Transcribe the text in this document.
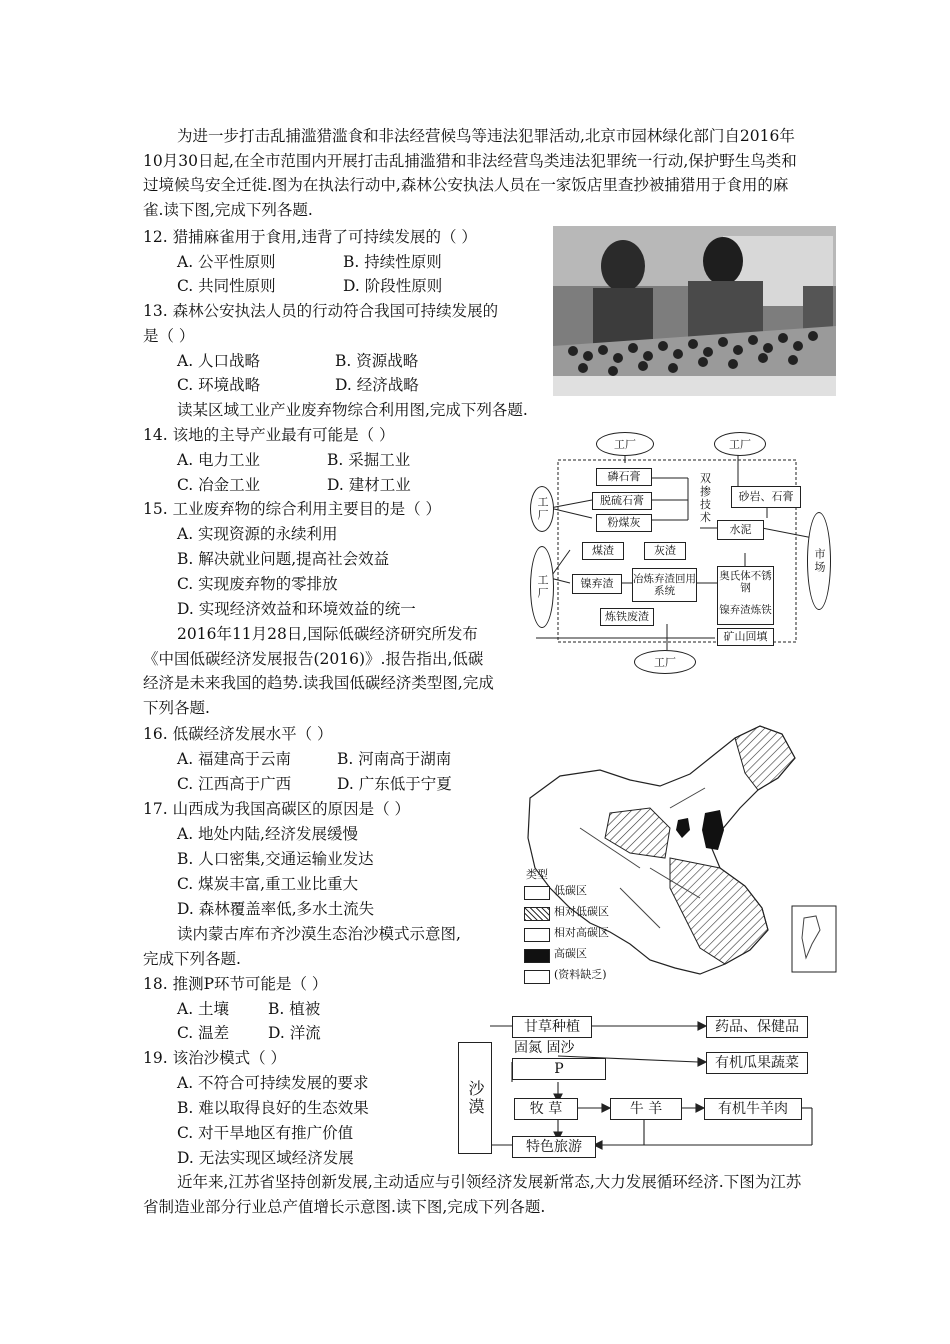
为进一步打击乱捕滥猎滥食和非法经营候鸟等违法犯罪活动,北京市园林绿化部门自2016年10月30日起,在全市范围内开展打击乱捕滥猎和非法经营鸟类违法犯罪统一行动,保护野生鸟类和过境候鸟安全迁徙.图为在执法行动中,森林公安执法人员在一家饭店里查抄被捕猎用于食用的麻雀.读下图,完成下列各题.
12. 猎捕麻雀用于食用,违背了可持续发展的（ ）
A. 公平性原则	B. 持续性原则
C. 共同性原则	D. 阶段性原则
13. 森林公安执法人员的行动符合我国可持续发展的
是（ ）
A. 人口战略	B. 资源战略
C. 环境战略	D. 经济战略
读某区域工业产业废弃物综合利用图,完成下列各题.
14. 该地的主导产业最有可能是（ ）
A. 电力工业	B. 采掘工业
C. 冶金工业	D. 建材工业
15. 工业废弃物的综合利用主要目的是（ ）
A. 实现资源的永续利用
B. 解决就业问题,提高社会效益
C. 实现废弃物的零排放
D. 实现经济效益和环境效益的统一
工厂	工厂
工厂
工厂
工厂
市场
磷石膏
脱硫石膏
粉煤灰
双掺技术
砂岩、石膏
水泥
煤渣	灰渣
镍弃渣	冶炼弃渣回用系统
奥氏体不锈钢
镍弃渣炼铁
炼铁废渣
矿山回填
2016年11月28日,国际低碳经济研究所发布《中国低碳经济发展报告(2016)》.报告指出,低碳经济是未来我国的趋势.读我国低碳经济类型图,完成下列各题.
16. 低碳经济发展水平（ ）
A. 福建高于云南	B. 河南高于湖南
C. 江西高于广西	D. 广东低于宁夏
17. 山西成为我国高碳区的原因是（ ）
A. 地处内陆,经济发展缓慢
B. 人口密集,交通运输业发达
C. 煤炭丰富,重工业比重大
D. 森林覆盖率低,多水土流失
类型
低碳区
相对低碳区
相对高碳区
高碳区
(资料缺乏)
读内蒙古库布齐沙漠生态治沙模式示意图,
完成下列各题.
18. 推测P环节可能是（ ）
A. 土壤	B. 植被
C. 温差	D. 洋流
19. 该治沙模式（ ）
A. 不符合可持续发展的要求
B. 难以取得良好的生态效果
C. 对干旱地区有推广价值
D. 无法实现区域经济发展
沙漠
甘草种植
固氮 固沙
P
牧 草	牛 羊
特色旅游
药品、保健品
有机瓜果蔬菜
有机牛羊肉
近年来,江苏省坚持创新发展,主动适应与引领经济发展新常态,大力发展循环经济.下图为江苏省制造业部分行业总产值增长示意图.读下图,完成下列各题.
